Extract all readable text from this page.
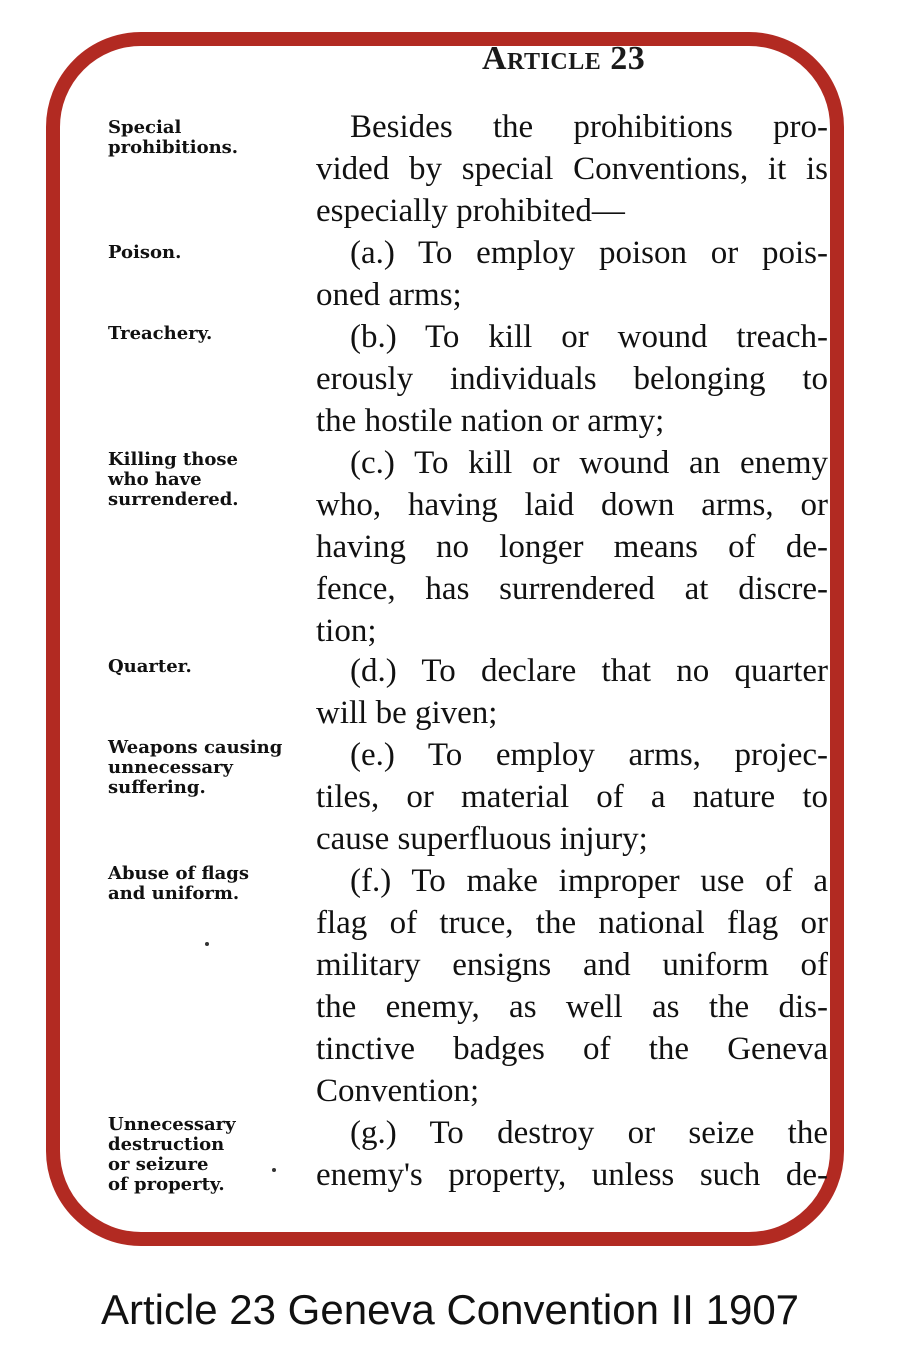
Article 23
Special
prohibitions.
Poison.
Treachery.
Killing those
who have
surrendered.
Quarter.
Weapons causing
unnecessary
suffering.
Abuse of flags
and uniform.
Unnecessary
destruction
or seizure
of property.
Besides the prohibitions pro-
vided by special Conventions, it is
especially prohibited—
(a.) To employ poison or pois-
oned arms;
(b.) To kill or wound treach-
erously individuals belonging to
the hostile nation or army;
(c.) To kill or wound an enemy
who, having laid down arms, or
having no longer means of de-
fence, has surrendered at discre-
tion;
(d.) To declare that no quarter
will be given;
(e.) To employ arms, projec-
tiles, or material of a nature to
cause superfluous injury;
(f.) To make improper use of a
flag of truce, the national flag or
military ensigns and uniform of
the enemy, as well as the dis-
tinctive badges of the Geneva
Convention;
(g.) To destroy or seize the
enemy's property, unless such de-
Article 23 Geneva Convention II 1907
